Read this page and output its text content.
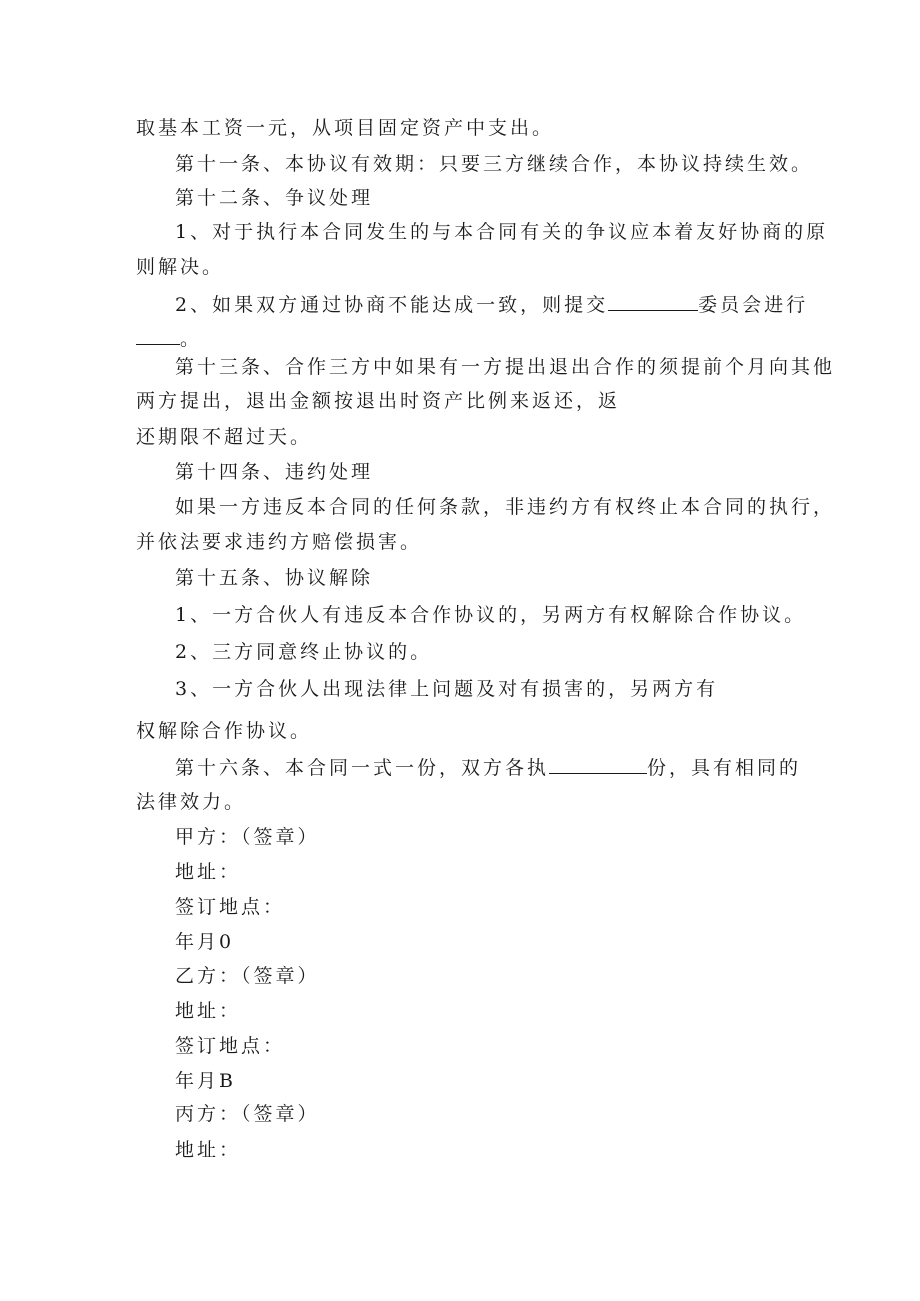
取基本工资一元，从项目固定资产中支出。
第十一条、本协议有效期：只要三方继续合作，本协议持续生效。
第十二条、争议处理
1、对于执行本合同发生的与本合同有关的争议应本着友好协商的原
则解决。
2、如果双方通过协商不能达成一致，则提交	委员会进行
。
第十三条、合作三方中如果有一方提出退出合作的须提前个月向其他
两方提出，退出金额按退出时资产比例来返还，返
还期限不超过天。
第十四条、违约处理
如果一方违反本合同的任何条款，非违约方有权终止本合同的执行，
并依法要求违约方赔偿损害。
第十五条、协议解除
1、一方合伙人有违反本合作协议的，另两方有权解除合作协议。
2、三方同意终止协议的。
3、一方合伙人出现法律上问题及对有损害的，另两方有
权解除合作协议。
第十六条、本合同一式一份，双方各执	份，具有相同的
法律效力。
甲方：（签章）
地址：
签订地点：
年月0
乙方：（签章）
地址：
签订地点：
年月B
丙方：（签章）
地址：
